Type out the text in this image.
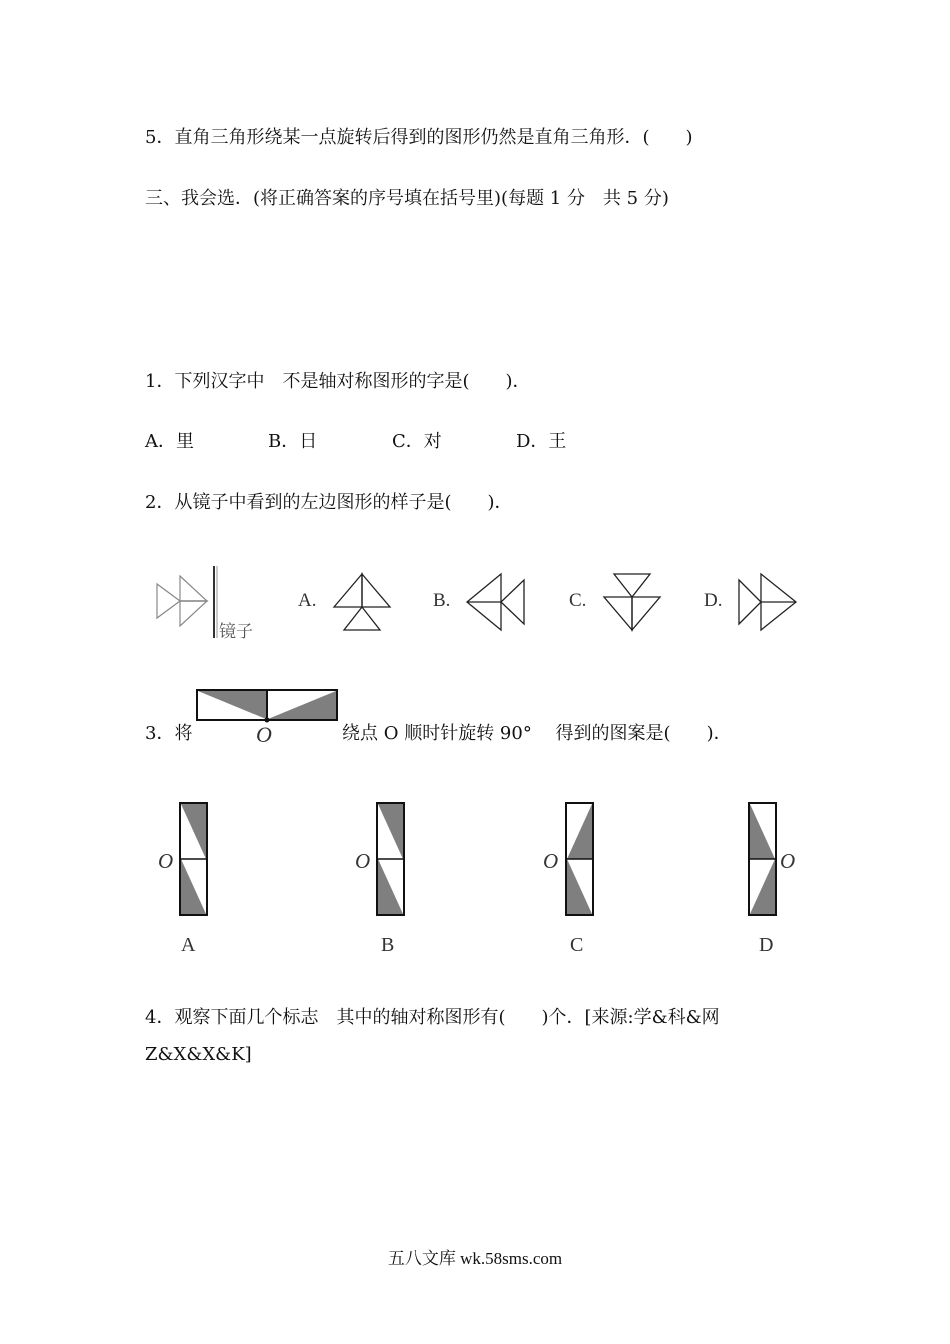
5．直角三角形绕某一点旋转后得到的图形仍然是直角三角形．(　　)
三、我会选．(将正确答案的序号填在括号里)(每题 1 分　共 5 分)
1．下列汉字中　不是轴对称图形的字是(　　)．
A．里	B．日	C．对	D．王
2．从镜子中看到的左边图形的样子是(　　)．
镜子
A.	B.	C.	D.
3．将	O	绕点 O 顺时针旋转 90°　 得到的图案是(　　)．
O
A
O
B
O
C
O
D
4．观察下面几个标志　其中的轴对称图形有(　　)个．[来源:学&科&网
Z&X&X&K]
五八文库 wk.58sms.com
